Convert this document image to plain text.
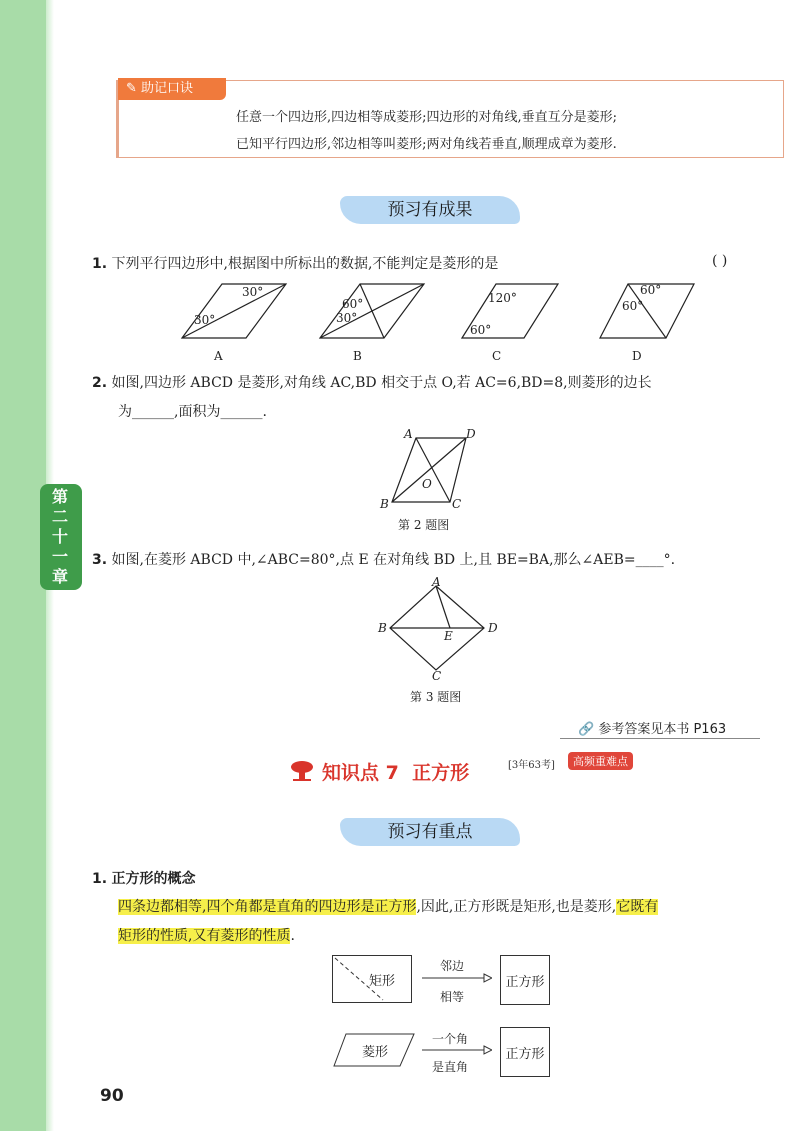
第
二
十
一
章
✎ 助记口诀
任意一个四边形,四边相等成菱形;四边形的对角线,垂直互分是菱形;
已知平行四边形,邻边相等叫菱形;两对角线若垂直,顺理成章为菱形.
预习有成果
1. 下列平行四边形中,根据图中所标出的数据,不能判定是菱形的是	( )
30°
30°
60°
30°
120°
60°
60°
60°
A	B	C	D
2. 如图,四边形 ABCD 是菱形,对角线 AC,BD 相交于点 O,若 AC=6,BD=8,则菱形的边长
为______,面积为______.
A	D
B	C
O
第 2 题图
3. 如图,在菱形 ABCD 中,∠ABC=80°,点 E 在对角线 BD 上,且 BE=BA,那么∠AEB=____°.
A
B
E
D
C
第 3 题图
🔗 参考答案见本书 P163
知识点 7  正方形	[3年63考]	高频重难点
预习有重点
1. 正方形的概念
四条边都相等,四个角都是直角的四边形是正方形,因此,正方形既是矩形,也是菱形,它既有
矩形的性质,又有菱形的性质.
矩形
邻边
相等
正方形
菱形
一个角
是直角
正方形
90
